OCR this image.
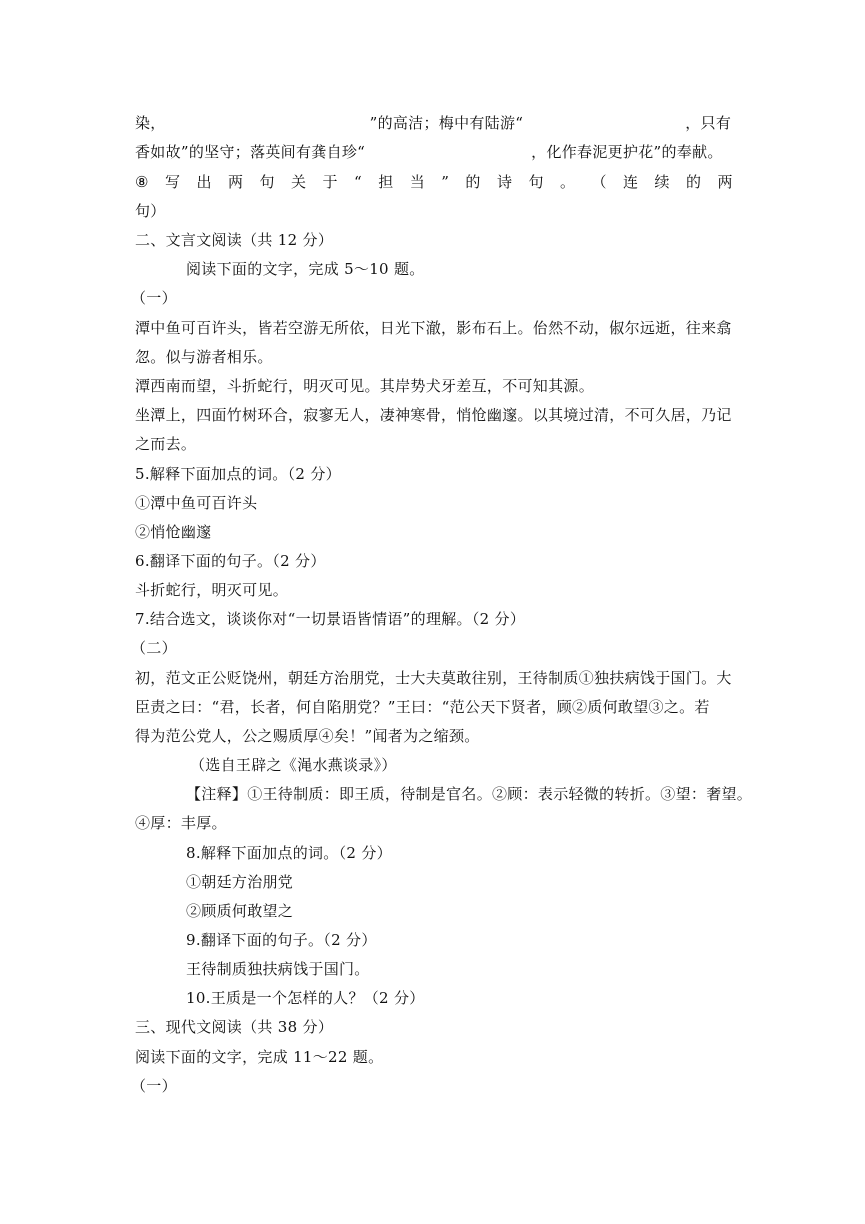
染，	”的高洁；梅中有陆游“	，只有
香如故”的坚守；落英间有龚自珍“	，化作春泥更护花”的奉献。
⑧ 写 出 两 句 关 于 “ 担 当 ” 的 诗 句 。 （ 连 续 的 两
句）
二、文言文阅读（共 12 分）
阅读下面的文字，完成 5～10 题。
（一）
潭中鱼可百许头，皆若空游无所依，日光下澈，影布石上。佁然不动，俶尔远逝，往来翕
忽。似与游者相乐。
潭西南而望，斗折蛇行，明灭可见。其岸势犬牙差互，不可知其源。
坐潭上，四面竹树环合，寂寥无人，凄神寒骨，悄怆幽邃。以其境过清，不可久居，乃记
之而去。
5.解释下面加点的词。（2 分）
①潭中鱼可百许头
②悄怆幽邃
6.翻译下面的句子。（2 分）
斗折蛇行，明灭可见。
7.结合选文，谈谈你对“一切景语皆情语”的理解。（2 分）
（二）
初，范文正公贬饶州，朝廷方治朋党，士大夫莫敢往别，王待制质①独扶病饯于国门。大
臣责之曰：“君，长者，何自陷朋党？”王曰：“范公天下贤者，顾②质何敢望③之。若
得为范公党人，公之赐质厚④矣！”闻者为之缩颈。
（选自王辟之《渑水燕谈录》）
【注释】①王待制质：即王质，待制是官名。②顾：表示轻微的转折。③望：奢望。
④厚：丰厚。
8.解释下面加点的词。（2 分）
①朝廷方治朋党
②顾质何敢望之
9.翻译下面的句子。（2 分）
王待制质独扶病饯于国门。
10.王质是一个怎样的人？（2 分）
三、现代文阅读（共 38 分）
阅读下面的文字，完成 11～22 题。
（一）
